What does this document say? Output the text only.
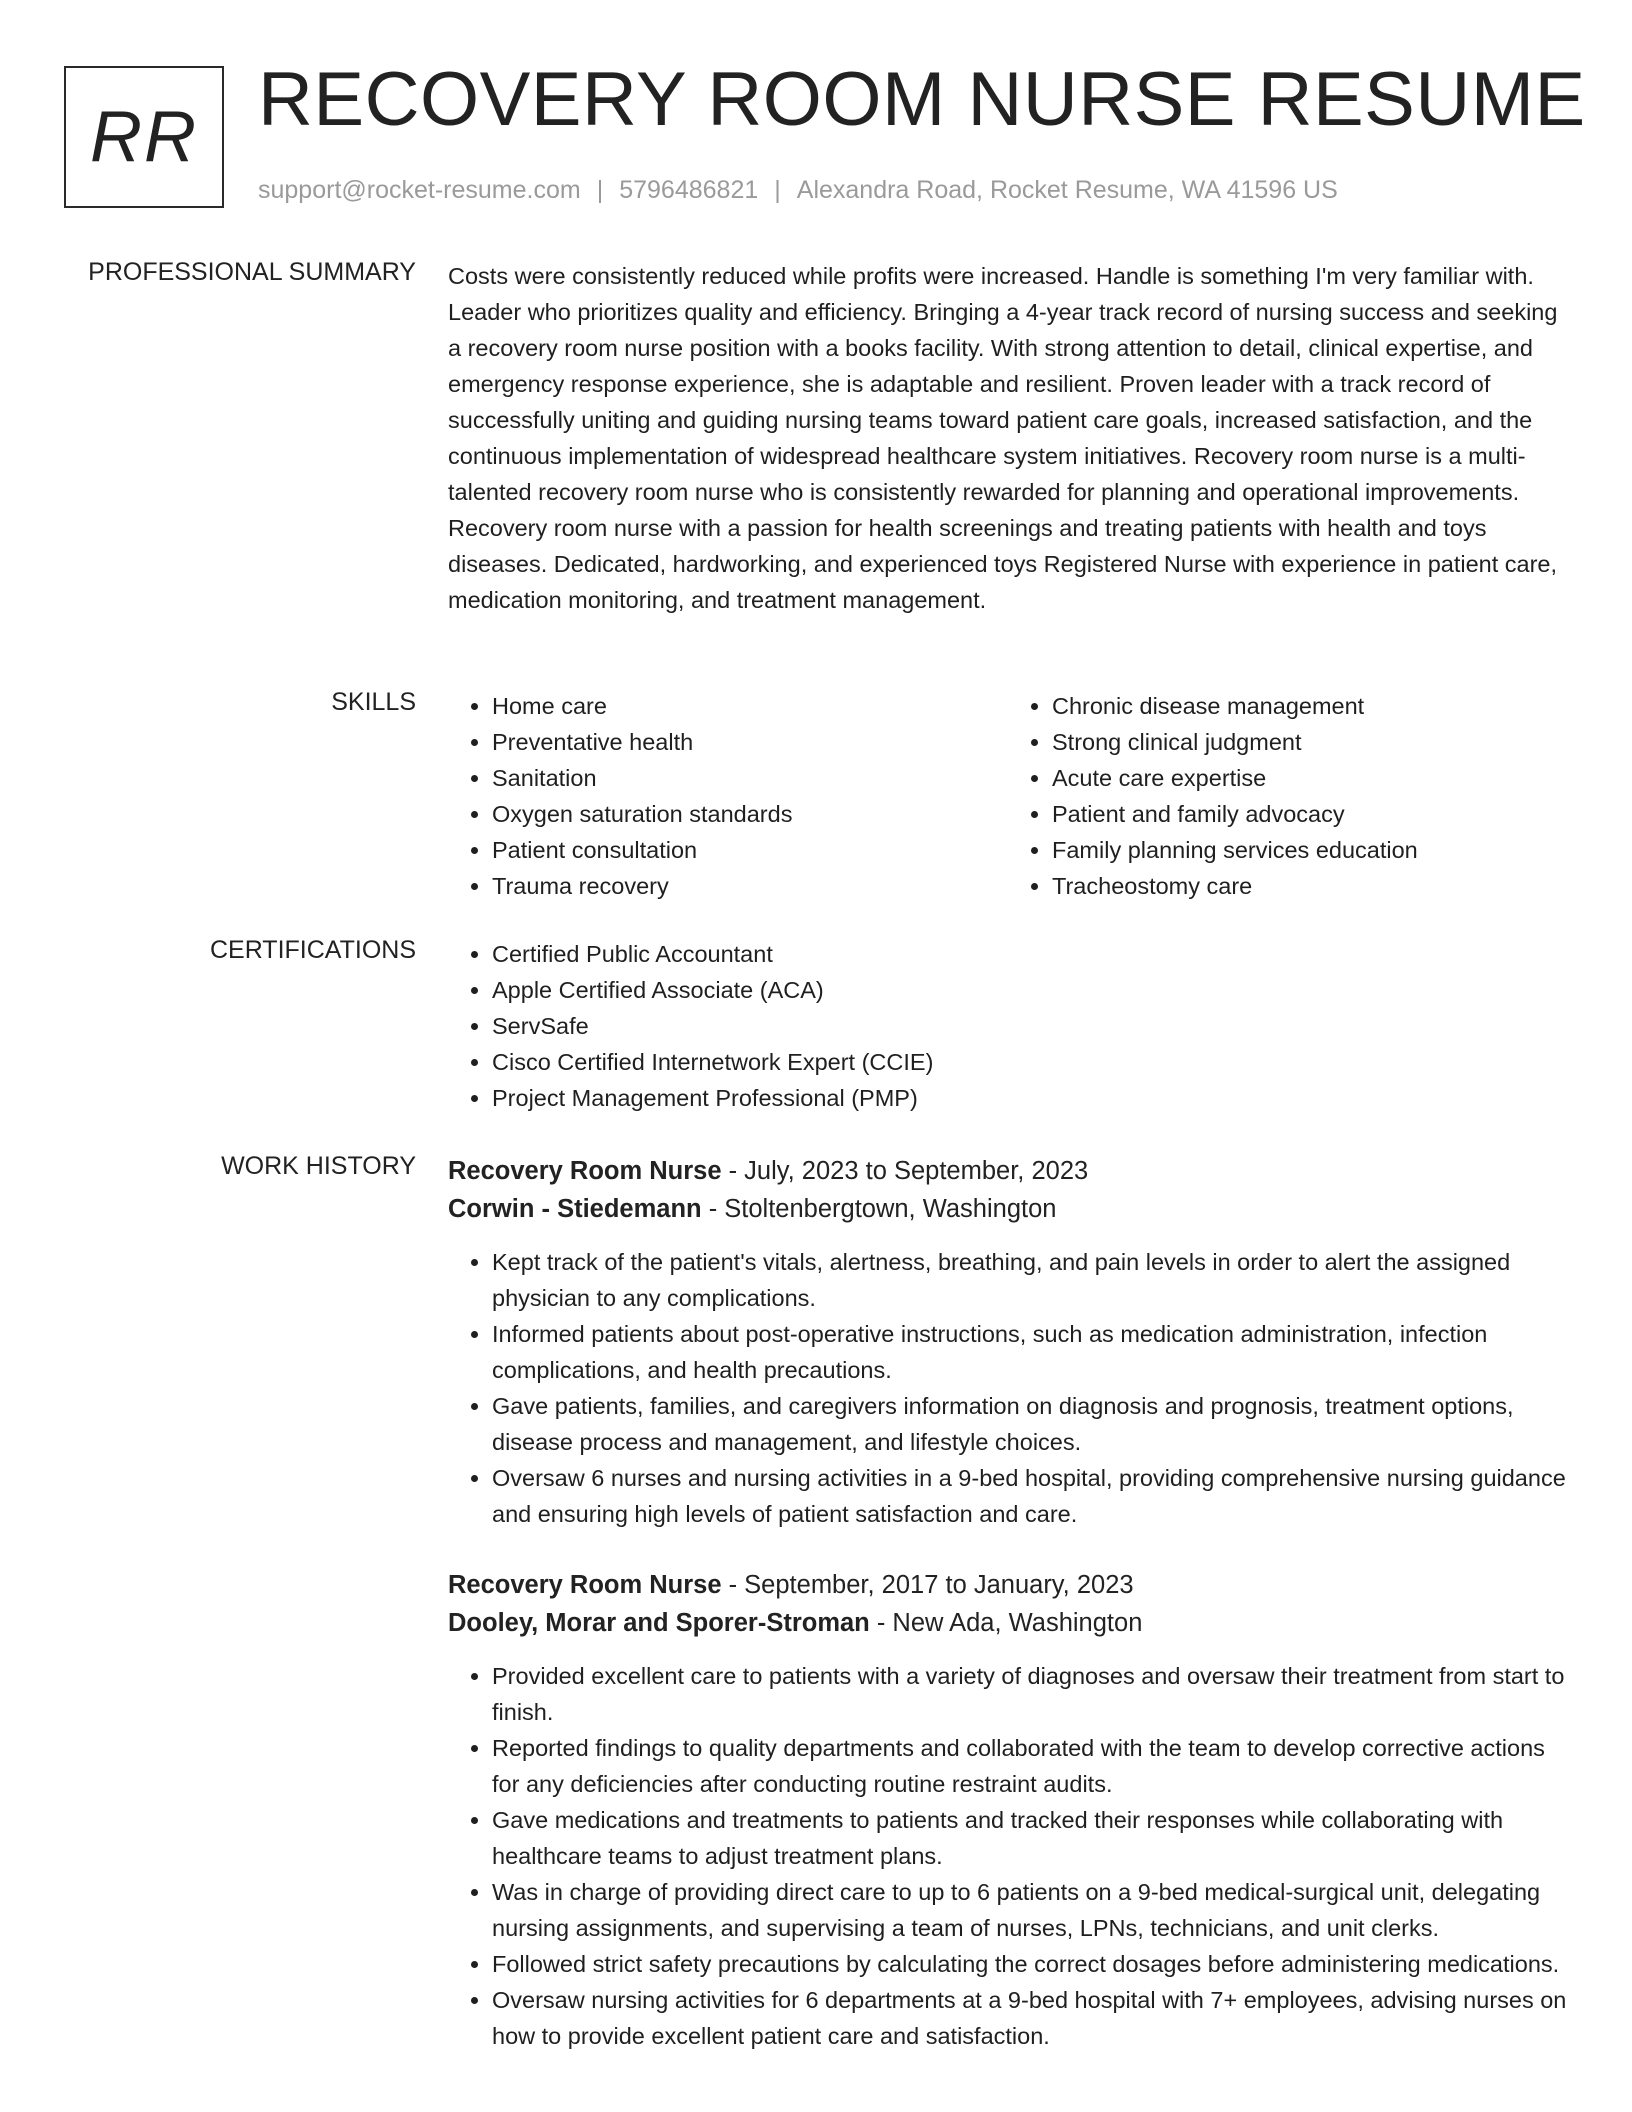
RR RECOVERY ROOM NURSE RESUME
support@rocket-resume.com | 5796486821 | Alexandra Road, Rocket Resume, WA 41596 US
PROFESSIONAL SUMMARY Costs were consistently reduced while profits were increased. Handle is something I'm very familiar with. Leader who prioritizes quality and efficiency. Bringing a 4-year track record of nursing success and seeking a recovery room nurse position with a books facility. With strong attention to detail, clinical expertise, and emergency response experience, she is adaptable and resilient. Proven leader with a track record of successfully uniting and guiding nursing teams toward patient care goals, increased satisfaction, and the continuous implementation of widespread healthcare system initiatives. Recovery room nurse is a multi-talented recovery room nurse who is consistently rewarded for planning and operational improvements. Recovery room nurse with a passion for health screenings and treating patients with health and toys diseases. Dedicated, hardworking, and experienced toys Registered Nurse with experience in patient care, medication monitoring, and treatment management.

SKILLS	• Home care
• Preventative health
• Sanitation
• Oxygen saturation standards
• Patient consultation
• Trauma recovery
• Chronic disease management
• Strong clinical judgment
• Acute care expertise
• Patient and family advocacy
• Family planning services education
• Tracheostomy care
CERTIFICATIONS	• Certified Public Accountant
• Apple Certified Associate (ACA)
• ServSafe
• Cisco Certified Internetwork Expert (CCIE)
• Project Management Professional (PMP)
WORK HISTORY Recovery Room Nurse - July, 2023 to September, 2023
Corwin - Stiedemann - Stoltenbergtown, Washington
• Kept track of the patient's vitals, alertness, breathing, and pain levels in order to alert the assigned physician to any complications.
• Informed patients about post-operative instructions, such as medication administration, infection complications, and health precautions.
• Gave patients, families, and caregivers information on diagnosis and prognosis, treatment options, disease process and management, and lifestyle choices.
• Oversaw 6 nurses and nursing activities in a 9-bed hospital, providing comprehensive nursing guidance and ensuring high levels of patient satisfaction and care.
Recovery Room Nurse - September, 2017 to January, 2023
Dooley, Morar and Sporer-Stroman - New Ada, Washington
• Provided excellent care to patients with a variety of diagnoses and oversaw their treatment from start to finish.
• Reported findings to quality departments and collaborated with the team to develop corrective actions for any deficiencies after conducting routine restraint audits.
• Gave medications and treatments to patients and tracked their responses while collaborating with healthcare teams to adjust treatment plans.
• Was in charge of providing direct care to up to 6 patients on a 9-bed medical-surgical unit, delegating nursing assignments, and supervising a team of nurses, LPNs, technicians, and unit clerks.
• Followed strict safety precautions by calculating the correct dosages before administering medications.
• Oversaw nursing activities for 6 departments at a 9-bed hospital with 7+ employees, advising nurses on how to provide excellent patient care and satisfaction.
